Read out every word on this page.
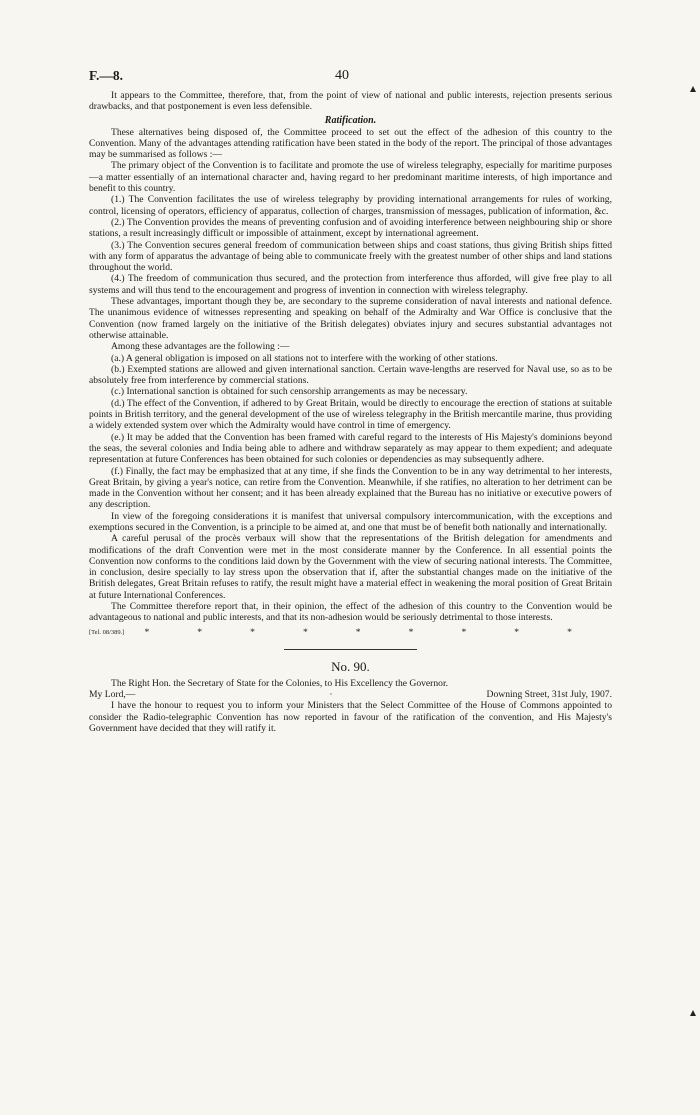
F.—8.	40

It appears to the Committee, therefore, that, from the point of view of national and public interests, rejection presents serious drawbacks, and that postponement is even less defensible.

Ratification.

These alternatives being disposed of, the Committee proceed to set out the effect of the adhesion of this country to the Convention. Many of the advantages attending ratification have been stated in the body of the report. The principal of those advantages may be summarised as follows :—

The primary object of the Convention is to facilitate and promote the use of wireless telegraphy, especially for maritime purposes—a matter essentially of an international character and, having regard to her predominant maritime interests, of high importance and benefit to this country.

(1.) The Convention facilitates the use of wireless telegraphy by providing international arrangements for rules of working, control, licensing of operators, efficiency of apparatus, collection of charges, transmission of messages, publication of information, &c.

(2.) The Convention provides the means of preventing confusion and of avoiding interference between neighbouring ship or shore stations, a result increasingly difficult or impossible of attainment, except by international agreement.

(3.) The Convention secures general freedom of communication between ships and coast stations, thus giving British ships fitted with any form of apparatus the advantage of being able to communicate freely with the greatest number of other ships and land stations throughout the world.

(4.) The freedom of communication thus secured, and the protection from interference thus afforded, will give free play to all systems and will thus tend to the encouragement and progress of invention in connection with wireless telegraphy.

These advantages, important though they be, are secondary to the supreme consideration of naval interests and national defence. The unanimous evidence of witnesses representing and speaking on behalf of the Admiralty and War Office is conclusive that the Convention (now framed largely on the initiative of the British delegates) obviates injury and secures substantial advantages not otherwise attainable.

Among these advantages are the following :—

(a.) A general obligation is imposed on all stations not to interfere with the working of other stations.

(b.) Exempted stations are allowed and given international sanction. Certain wave-lengths are reserved for Naval use, so as to be absolutely free from interference by commercial stations.

(c.) International sanction is obtained for such censorship arrangements as may be necessary.

(d.) The effect of the Convention, if adhered to by Great Britain, would be directly to encourage the erection of stations at suitable points in British territory, and the general development of the use of wireless telegraphy in the British mercantile marine, thus providing a widely extended system over which the Admiralty would have control in time of emergency.

(e.) It may be added that the Convention has been framed with careful regard to the interests of His Majesty's dominions beyond the seas, the several colonies and India being able to adhere and withdraw separately as may appear to them expedient; and adequate representation at future Conferences has been obtained for such colonies or dependencies as may subsequently adhere.

(f.) Finally, the fact may be emphasized that at any time, if she finds the Convention to be in any way detrimental to her interests, Great Britain, by giving a year's notice, can retire from the Convention. Meanwhile, if she ratifies, no alteration to her detriment can be made in the Convention without her consent; and it has been already explained that the Bureau has no initiative or executive powers of any description.

In view of the foregoing considerations it is manifest that universal compulsory intercommunication, with the exceptions and exemptions secured in the Convention, is a principle to be aimed at, and one that must be of benefit both nationally and internationally.

A careful perusal of the procès verbaux will show that the representations of the British delegation for amendments and modifications of the draft Convention were met in the most considerate manner by the Conference. In all essential points the Convention now conforms to the conditions laid down by the Government with the view of securing national interests. The Committee, in conclusion, desire specially to lay stress upon the observation that if, after the substantial changes made on the initiative of the British delegates, Great Britain refuses to ratify, the result might have a material effect in weakening the moral position of Great Britain at future International Conferences.

The Committee therefore report that, in their opinion, the effect of the adhesion of this country to the Convention would be advantageous to national and public interests, and that its non-adhesion would be seriously detrimental to those interests.

[Tel. 08/389.] *	*	*	*	*	*	*	*	*
No. 90.

The Right Hon. the Secretary of State for the Colonies, to His Excellency the Governor.

My Lord,—	·	Downing Street, 31st July, 1907.

I have the honour to request you to inform your Ministers that the Select Committee of the House of Commons appointed to consider the Radio-telegraphic Convention has now reported in favour of the ratification of the convention, and His Majesty's Government have decided that they will ratify it.
